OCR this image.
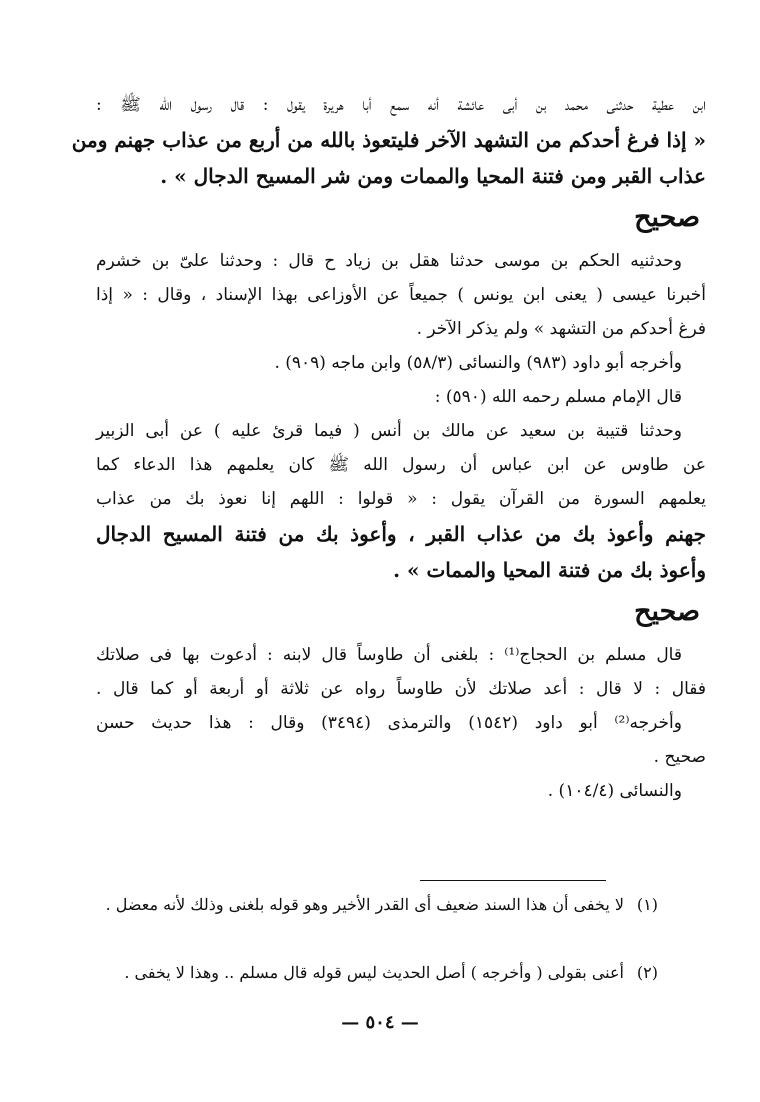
ابن عطية حدثنى محمد بن أبى عائشة أنه سمع أبا هريرة يقول : قال رسول الله ﷺ :
« إذا فرغ أحدكم من التشهد الآخر فليتعوذ بالله من أربع من عذاب جهنم ومن
عذاب القبر ومن فتنة المحيا والممات ومن شر المسيح الدجال » .
صحيح
وحدثنيه الحكم بن موسى حدثنا هقل بن زياد ح قال : وحدثنا علىّ بن خشرم
أخبرنا عيسى ( يعنى ابن يونس ) جميعاً عن الأوزاعى بهذا الإسناد ، وقال : « إذا
فرغ أحدكم من التشهد » ولم يذكر الآخر .
وأخرجه أبو داود (٩٨٣) والنسائى (٥٨/٣) وابن ماجه (٩٠٩) .
قال الإمام مسلم رحمه الله (٥٩٠) :
وحدثنا قتيبة بن سعيد عن مالك بن أنس ( فيما قرئ عليه ) عن أبى الزبير
عن طاوس عن ابن عباس أن رسول الله ﷺ كان يعلمهم هذا الدعاء كما
يعلمهم السورة من القرآن يقول : « قولوا : اللهم إنا نعوذ بك من عذاب
جهنم وأعوذ بك من عذاب القبر ، وأعوذ بك من فتنة المسيح الدجال
وأعوذ بك من فتنة المحيا والممات » .
صحيح
قال مسلم بن الحجاج⁽¹⁾ : بلغنى أن طاوساً قال لابنه : أدعوت بها فى صلاتك
فقال : لا قال : أعد صلاتك لأن طاوساً رواه عن ثلاثة أو أربعة أو كما قال .
وأخرجه⁽²⁾ أبو داود (١٥٤٢) والترمذى (٣٤٩٤) وقال : هذا حديث حسن
صحيح .
والنسائى (١٠٤/٤) .
(١)
لا يخفى أن هذا السند ضعيف أى القدر الأخير وهو قوله بلغنى وذلك لأنه معضل .
(٢)
أعنى بقولى ( وأخرجه ) أصل الحديث ليس قوله قال مسلم .. وهذا لا يخفى .
— ٥٠٤ —
